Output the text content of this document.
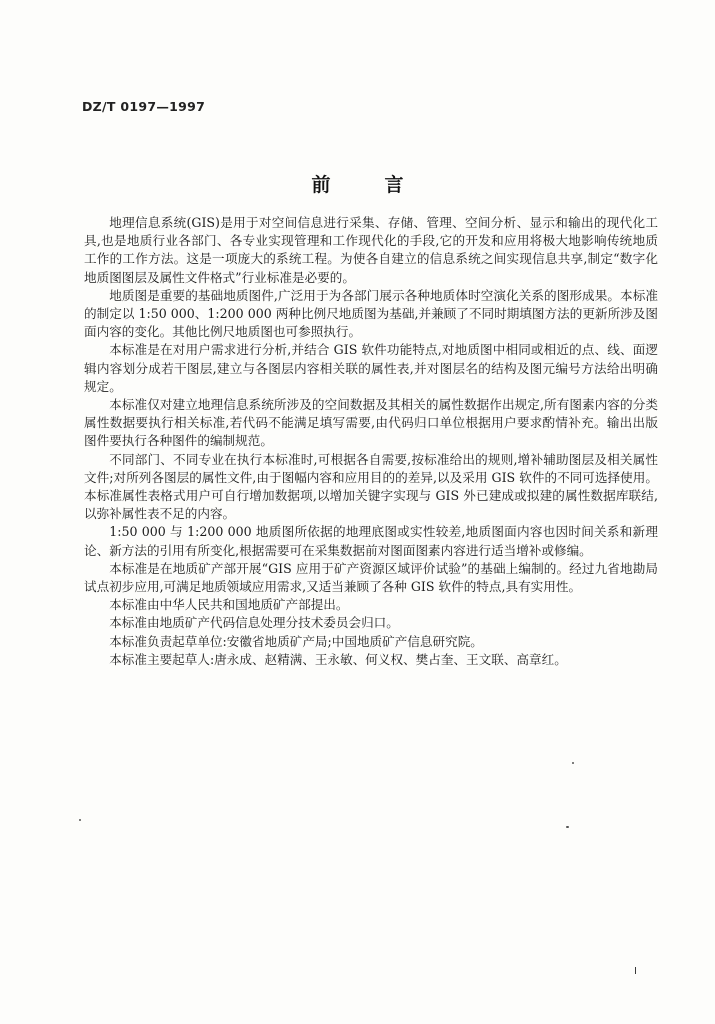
DZ/T 0197—1997
前言

地理信息系统(GIS)是用于对空间信息进行采集、存储、管理、空间分析、显示和输出的现代化工具,也是地质行业各部门、各专业实现管理和工作现代化的手段,它的开发和应用将极大地影响传统地质工作的工作方法。这是一项庞大的系统工程。为使各自建立的信息系统之间实现信息共享,制定“数字化地质图图层及属性文件格式”行业标准是必要的。

地质图是重要的基础地质图件,广泛用于为各部门展示各种地质体时空演化关系的图形成果。本标准的制定以 1:50 000、1:200 000 两种比例尺地质图为基础,并兼顾了不同时期填图方法的更新所涉及图面内容的变化。其他比例尺地质图也可参照执行。

本标准是在对用户需求进行分析,并结合 GIS 软件功能特点,对地质图中相同或相近的点、线、面逻辑内容划分成若干图层,建立与各图层内容相关联的属性表,并对图层名的结构及图元编号方法给出明确规定。

本标准仅对建立地理信息系统所涉及的空间数据及其相关的属性数据作出规定,所有图素内容的分类属性数据要执行相关标准,若代码不能满足填写需要,由代码归口单位根据用户要求酌情补充。输出出版图件要执行各种图件的编制规范。

不同部门、不同专业在执行本标准时,可根据各自需要,按标准给出的规则,增补辅助图层及相关属性文件;对所列各图层的属性文件,由于图幅内容和应用目的的差异,以及采用 GIS 软件的不同可选择使用。本标准属性表格式用户可自行增加数据项,以增加关键字实现与 GIS 外已建成或拟建的属性数据库联结,以弥补属性表不足的内容。

1:50 000 与 1:200 000 地质图所依据的地理底图或实性较差,地质图面内容也因时间关系和新理论、新方法的引用有所变化,根据需要可在采集数据前对图面图素内容进行适当增补或修编。

本标准是在地质矿产部开展“GIS 应用于矿产资源区域评价试验”的基础上编制的。经过九省地勘局试点初步应用,可满足地质领域应用需求,又适当兼顾了各种 GIS 软件的特点,具有实用性。

本标准由中华人民共和国地质矿产部提出。

本标准由地质矿产代码信息处理分技术委员会归口。

本标准负责起草单位:安徽省地质矿产局;中国地质矿产信息研究院。

本标准主要起草人:唐永成、赵精满、王永敏、何义权、樊占奎、王文联、高章红。

I
